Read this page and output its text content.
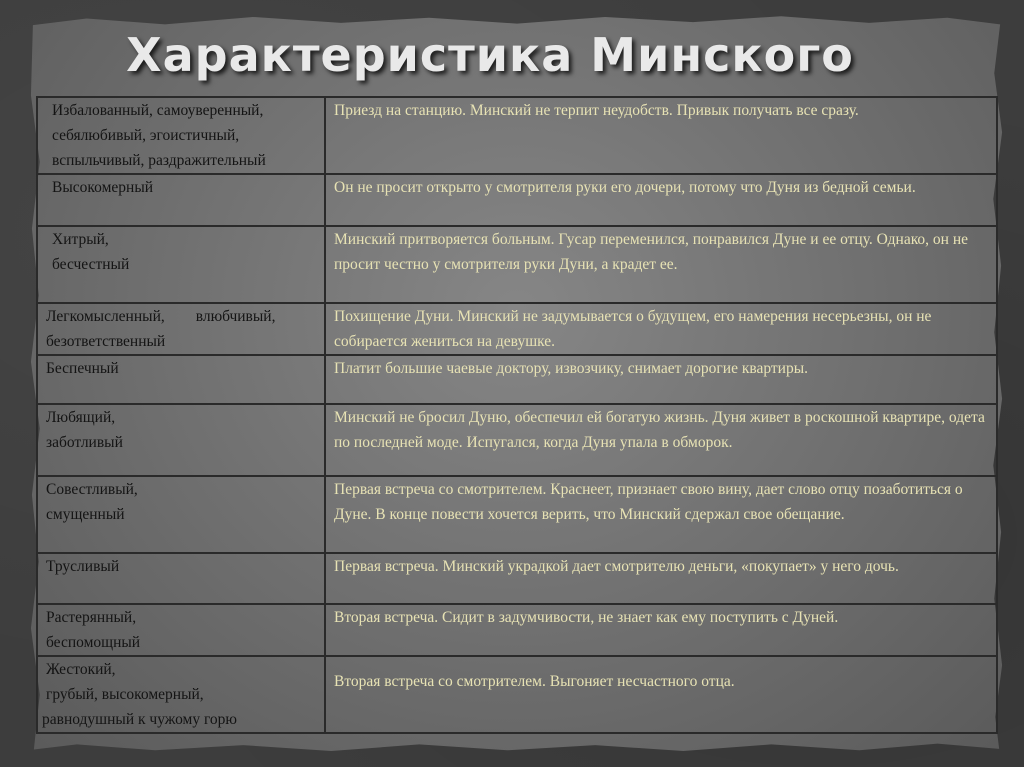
Характеристика Минского
Избалованный, самоуверенный,
себялюбивый, эгоистичный,
вспыльчивый, раздражительный	Приезд на станцию. Минский не терпит неудобств. Привык получать все сразу.

Высокомерный	Он не просит открыто у смотрителя руки его дочери, потому что Дуня из бедной семьи.

Хитрый,
бесчестный	Минский притворяется больным. Гусар переменился, понравился Дуне и ее отцу. Однако, он не просит честно у смотрителя руки Дуни, а крадет ее.

Легкомысленный,        влюбчивый,
безответственный	Похищение Дуни. Минский не задумывается о будущем, его намерения несерьезны, он не собирается жениться на девушке.

Беспечный	Платит большие чаевые доктору, извозчику, снимает дорогие квартиры.

Любящий,
заботливый	Минский не бросил Дуню, обеспечил ей богатую жизнь. Дуня живет в роскошной квартире, одета по последней моде. Испугался, когда Дуня упала в обморок.

Совестливый,
смущенный	Первая встреча со смотрителем. Краснеет, признает свою вину, дает слово отцу позаботиться о Дуне. В конце повести хочется верить, что Минский сдержал свое обещание.

Трусливый	Первая встреча. Минский украдкой дает смотрителю деньги, «покупает» у него дочь.

Растерянный,
беспомощный	Вторая встреча. Сидит в задумчивости, не знает как ему поступить с Дуней.

Жестокий,
грубый, высокомерный,
равнодушный к чужому горю	Вторая встреча со смотрителем. Выгоняет несчастного отца.
